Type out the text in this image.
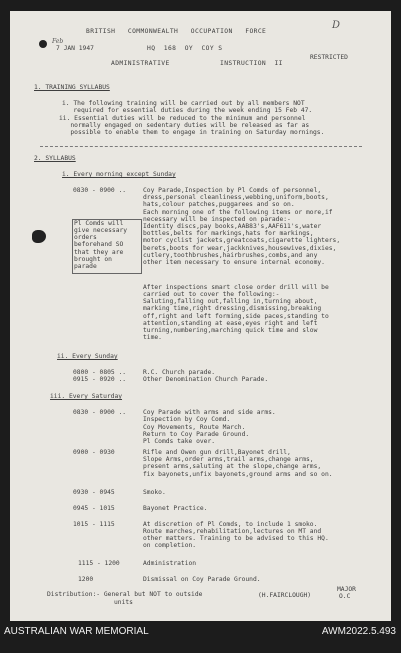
BRITISH   COMMONWEALTH   OCCUPATION   FORCE
D
Feb
7 JAN 1947	HQ  168  OY  COY S
RESTRICTED
ADMINISTRATIVE	INSTRUCTION  II
1. TRAINING SYLLABUS
i. The following training will be carried out by all members NOT
required for essential duties during the week ending 15 Feb 47.
ii. Essential duties will be reduced to the minimum and personnel
normally engaged on sedentary duties will be released as far as
possible to enable them to engage in training on Saturday mornings.
2. SYLLABUS
i. Every morning except Sunday
0830 - 0900 ..	Coy Parade,Inspection by Pl Comds of personnel,
dress,personal cleanliness,webbing,uniform,boots,
hats,colour patches,puggarees and so on.
Each morning one of the following items or more,if
necessary will be inspected on parade:-
Identity discs,pay books,AAB83's,AAF611's,water
bottles,belts for markings,hats for markings,
motor cyclist jackets,greatcoats,cigarette lighters,
berets,boots for wear,jackknives,housewives,dixies,
cutlery,toothbrushes,hairbrushes,combs,and any
other item necessary to ensure internal economy.
Pl Comds will
give necessary
orders
beforehand SO
that they are
brought on
parade
After inspections smart close order drill will be
carried out to cover the following:-
Saluting,falling out,falling in,turning about,
marking time,right dressing,dismissing,breaking
off,right and left forming,side paces,standing to
attention,standing at ease,eyes right and left
turning,numbering,marching quick time and slow
time.
ii. Every Sunday
0800 - 0805 ..	R.C. Church parade.
0915 - 0920 ..	Other Denomination Church Parade.
iii. Every Saturday
0830 - 0900 ..	Coy Parade with arms and side arms.
Inspection by Coy Comd.
Coy Movements, Route March.
Return to Coy Parade Ground.
Pl Comds take over.
0900 - 0930	Rifle and Owen gun drill,Bayonet drill,
Slope Arms,order arms,trail arms,change arms,
present arms,saluting at the slope,change arms,
fix bayonets,unfix bayonets,ground arms and so on.
0930 - 0945	Smoko.
0945 - 1015	Bayonet Practice.
1015 - 1115	At discretion of Pl Comds, to include 1 smoko.
Route marches,rehabilitation,lectures on MT and
other matters. Training to be advised to this HQ.
on completion.
1115 - 1200	Administration
1200	Dismissal on Coy Parade Ground.
Distribution:- General but NOT to outside
units
(H.FAIRCLOUGH)
MAJOR
O.C
AUSTRALIAN WAR MEMORIAL	AWM2022.5.493
